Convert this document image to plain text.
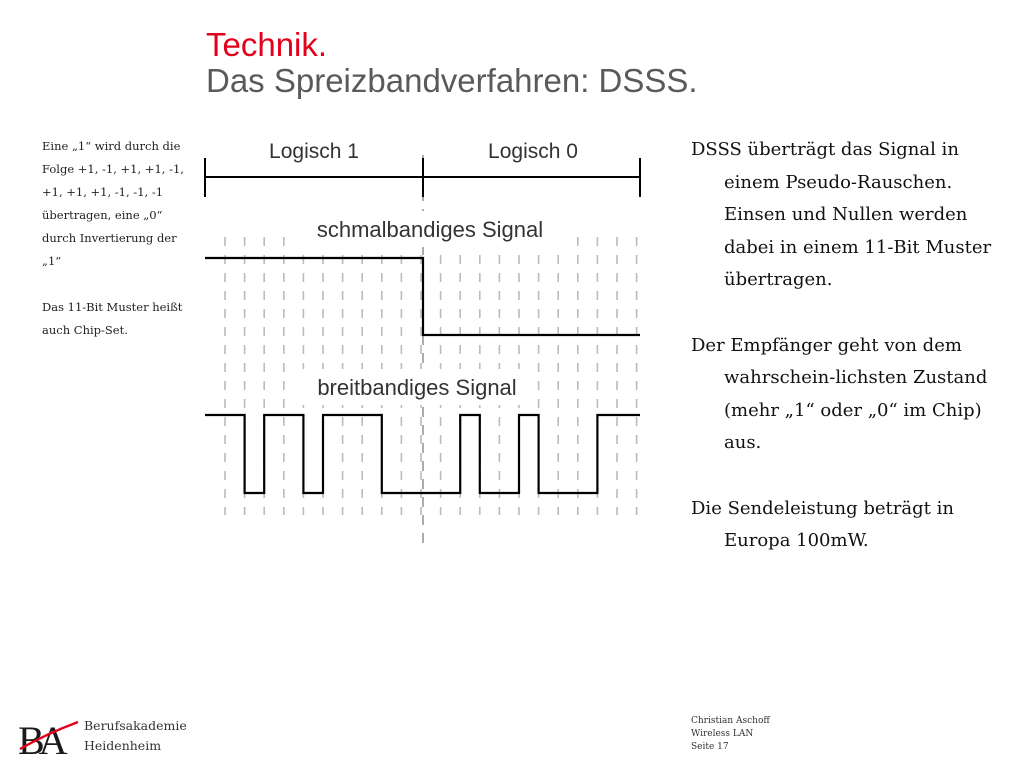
Technik.
Das Spreizbandverfahren: DSSS.

Eine „1“ wird durch die Folge +1, -1, +1, +1, -1, +1, +1, +1, -1, -1, -1 übertragen, eine „0“ durch Invertierung der „1“

Das 11-Bit Muster heißt auch Chip-Set.

Logisch 1	Logisch 0
schmalbandiges Signal
breitbandiges Signal

DSSS überträgt das Signal in einem Pseudo-Rauschen. Einsen und Nullen werden dabei in einem 11-Bit Muster übertragen.

Der Empfänger geht von dem wahrschein-lichsten Zustand (mehr „1“ oder „0“ im Chip) aus.

Die Sendeleistung beträgt in Europa 100mW.

BA	Berufsakademie
Heidenheim
Christian Aschoff
Wireless LAN
Seite 17
